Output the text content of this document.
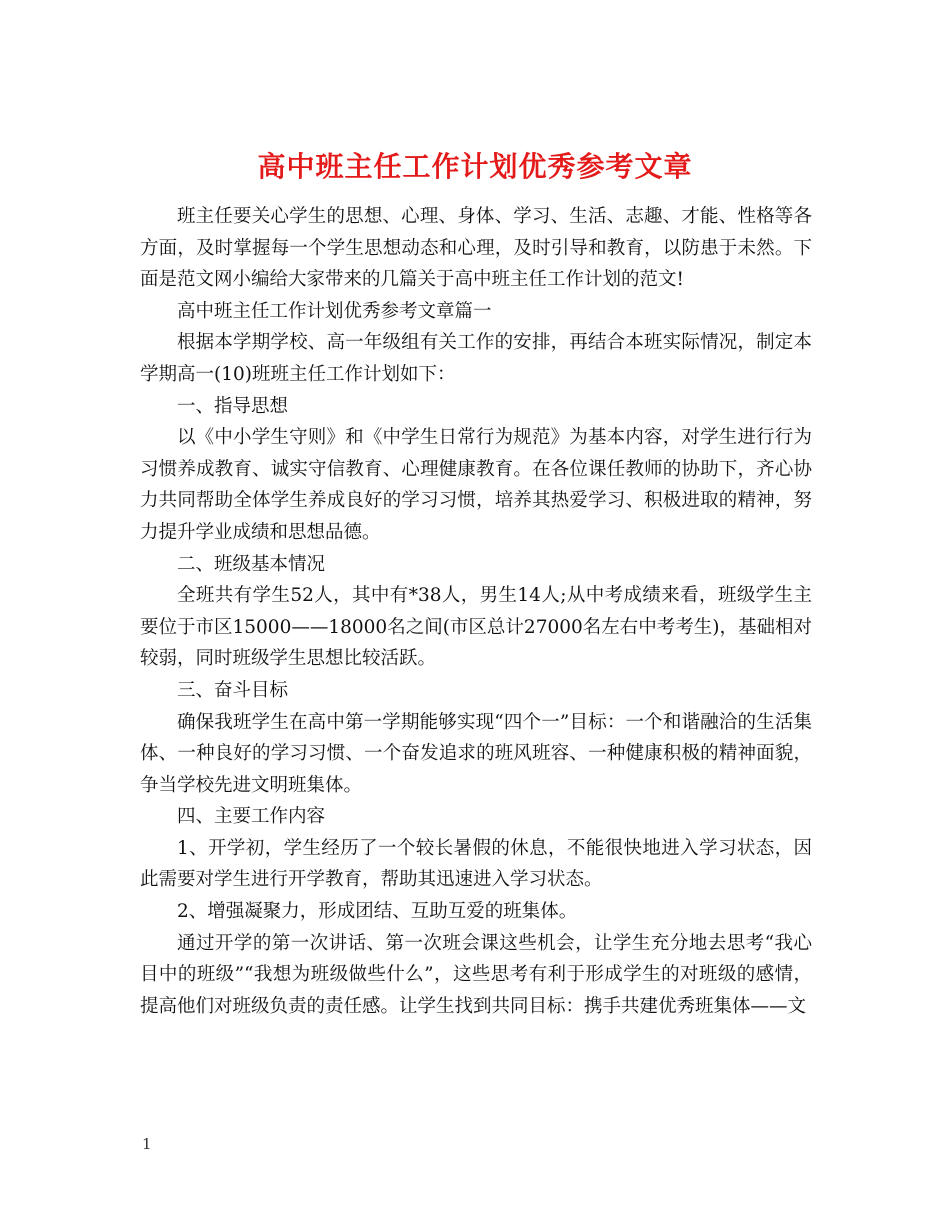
高中班主任工作计划优秀参考文章

班主任要关心学生的思想、心理、身体、学习、生活、志趣、才能、性格等各方面，及时掌握每一个学生思想动态和心理，及时引导和教育，以防患于未然。下面是范文网小编给大家带来的几篇关于高中班主任工作计划的范文!

高中班主任工作计划优秀参考文章篇一

根据本学期学校、高一年级组有关工作的安排，再结合本班实际情况，制定本学期高一(10)班班主任工作计划如下：

一、指导思想

以《中小学生守则》和《中学生日常行为规范》为基本内容，对学生进行行为习惯养成教育、诚实守信教育、心理健康教育。在各位课任教师的协助下，齐心协力共同帮助全体学生养成良好的学习习惯，培养其热爱学习、积极进取的精神，努力提升学业成绩和思想品德。

二、班级基本情况

全班共有学生52人，其中有*38人，男生14人;从中考成绩来看，班级学生主要位于市区15000——18000名之间(市区总计27000名左右中考考生)，基础相对较弱，同时班级学生思想比较活跃。

三、奋斗目标

确保我班学生在高中第一学期能够实现“四个一”目标：一个和谐融洽的生活集体、一种良好的学习习惯、一个奋发追求的班风班容、一种健康积极的精神面貌，争当学校先进文明班集体。

四、主要工作内容

1、开学初，学生经历了一个较长暑假的休息，不能很快地进入学习状态，因此需要对学生进行开学教育，帮助其迅速进入学习状态。

2、增强凝聚力，形成团结、互助互爱的班集体。

通过开学的第一次讲话、第一次班会课这些机会，让学生充分地去思考“我心目中的班级”“我想为班级做些什么”，这些思考有利于形成学生的对班级的感情，提高他们对班级负责的责任感。让学生找到共同目标：携手共建优秀班集体——文

1
